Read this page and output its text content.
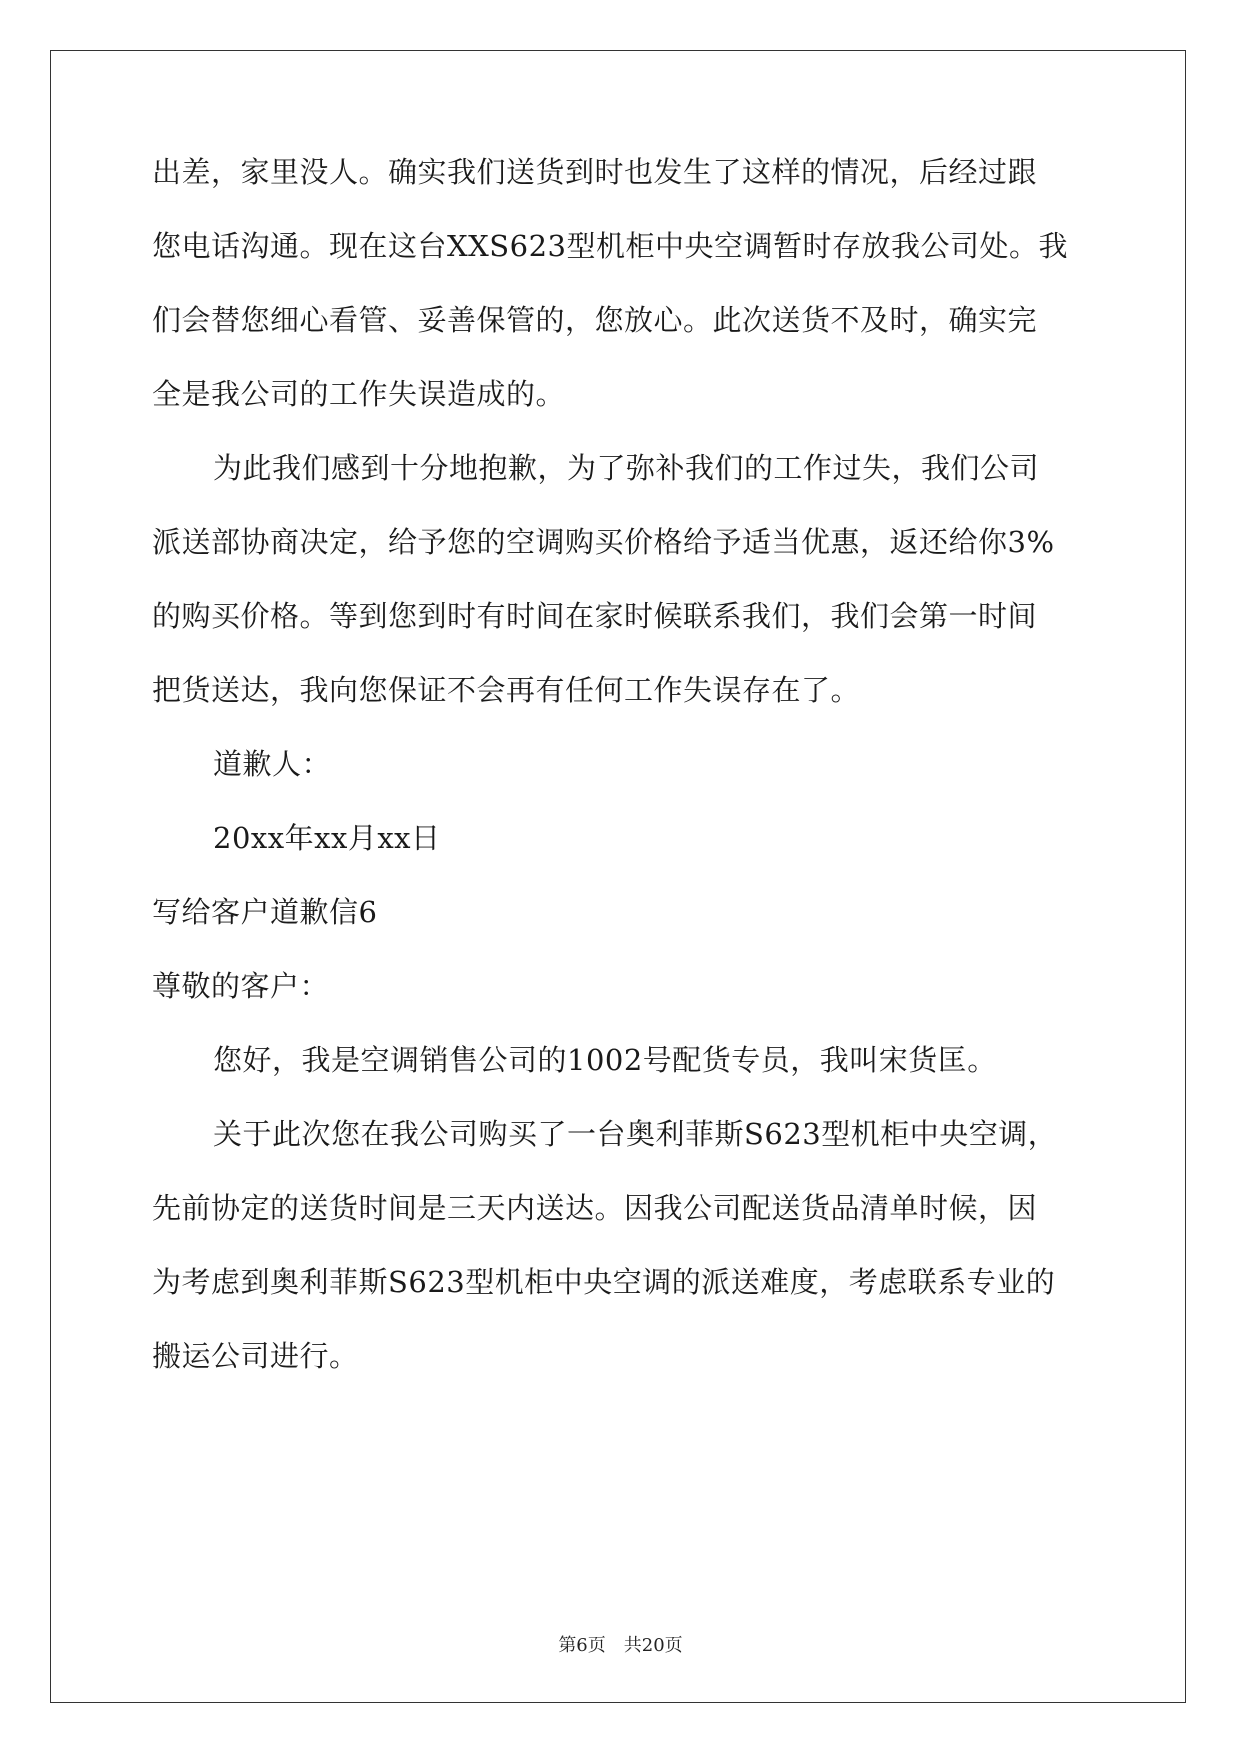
出差，家里没人。确实我们送货到时也发生了这样的情况，后经过跟
您电话沟通。现在这台XXS623型机柜中央空调暂时存放我公司处。我
们会替您细心看管、妥善保管的，您放心。此次送货不及时，确实完
全是我公司的工作失误造成的。
为此我们感到十分地抱歉，为了弥补我们的工作过失，我们公司
派送部协商决定，给予您的空调购买价格给予适当优惠，返还给你3%
的购买价格。等到您到时有时间在家时候联系我们，我们会第一时间
把货送达，我向您保证不会再有任何工作失误存在了。
道歉人：
20xx年xx月xx日
写给客户道歉信6
尊敬的客户：
您好，我是空调销售公司的1002号配货专员，我叫宋货匡。
关于此次您在我公司购买了一台奥利菲斯S623型机柜中央空调，
先前协定的送货时间是三天内送达。因我公司配送货品清单时候，因
为考虑到奥利菲斯S623型机柜中央空调的派送难度，考虑联系专业的
搬运公司进行。
第6页 共20页
